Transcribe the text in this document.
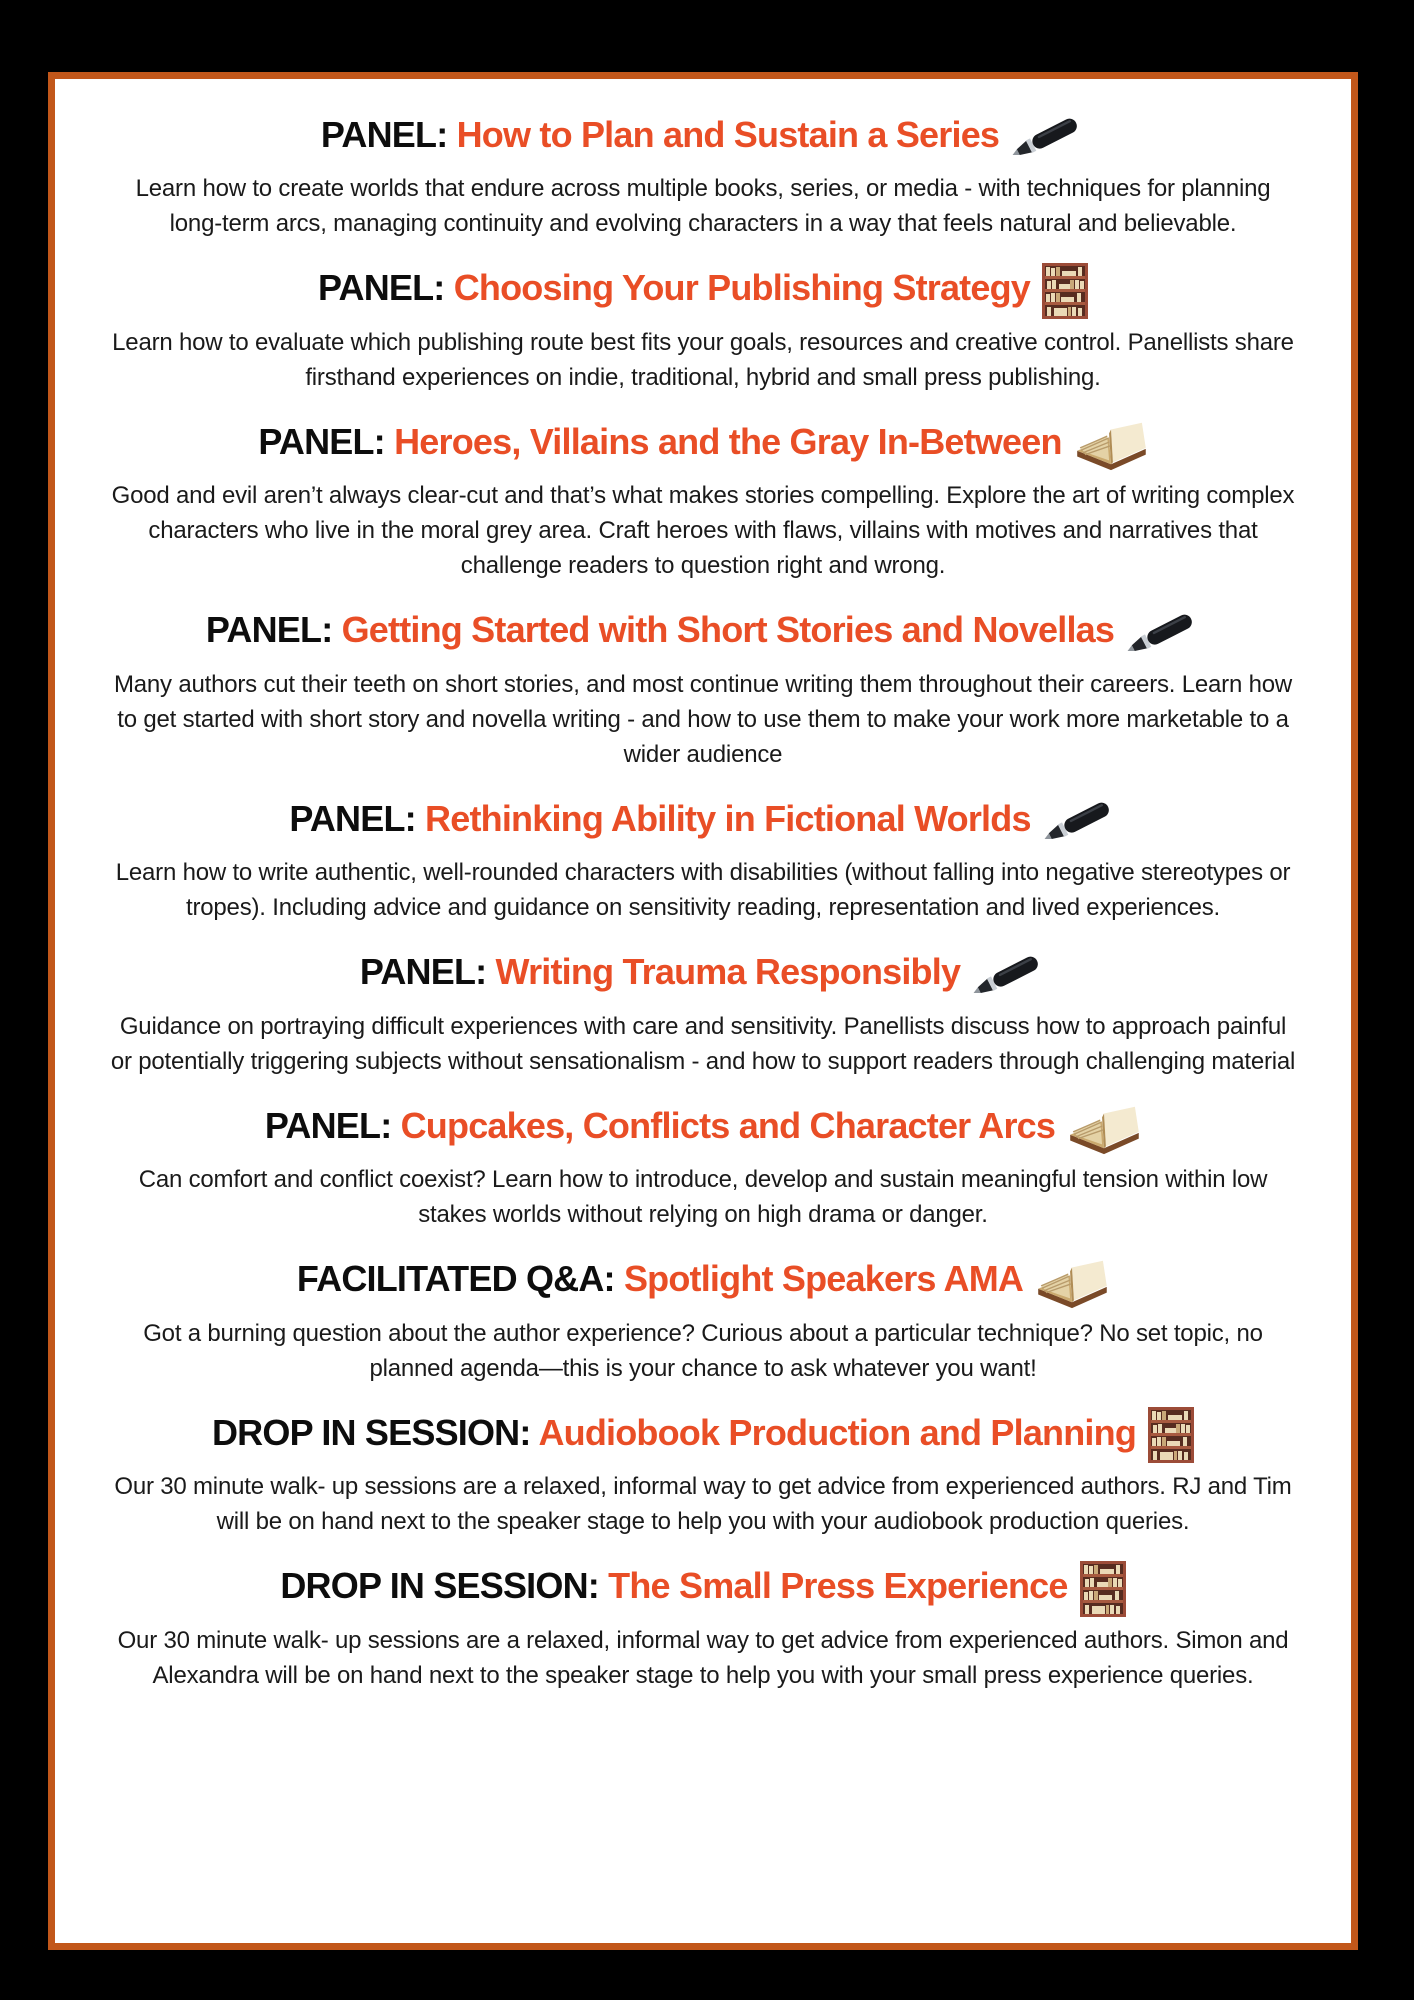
PANEL: How to Plan and Sustain a Series

Learn how to create worlds that endure across multiple books, series, or media - with techniques for planning long-term arcs, managing continuity and evolving characters in a way that feels natural and believable.

PANEL: Choosing Your Publishing Strategy

Learn how to evaluate which publishing route best fits your goals, resources and creative control. Panellists share firsthand experiences on indie, traditional, hybrid and small press publishing.

PANEL: Heroes, Villains and the Gray In-Between

Good and evil aren’t always clear-cut and that’s what makes stories compelling. Explore the art of writing complex characters who live in the moral grey area. Craft heroes with flaws, villains with motives and narratives that challenge readers to question right and wrong.

PANEL: Getting Started with Short Stories and Novellas

Many authors cut their teeth on short stories, and most continue writing them throughout their careers. Learn how to get started with short story and novella writing - and how to use them to make your work more marketable to a wider audience

PANEL: Rethinking Ability in Fictional Worlds

Learn how to write authentic, well-rounded characters with disabilities (without falling into negative stereotypes or tropes). Including advice and guidance on sensitivity reading, representation and lived experiences.

PANEL: Writing Trauma Responsibly

Guidance on portraying difficult experiences with care and sensitivity. Panellists discuss how to approach painful or potentially triggering subjects without sensationalism - and how to support readers through challenging material

PANEL: Cupcakes, Conflicts and Character Arcs

Can comfort and conflict coexist? Learn how to introduce, develop and sustain meaningful tension within low stakes worlds without relying on high drama or danger.

FACILITATED Q&A: Spotlight Speakers AMA

Got a burning question about the author experience? Curious about a particular technique? No set topic, no planned agenda—this is your chance to ask whatever you want!

DROP IN SESSION: Audiobook Production and Planning

Our 30 minute walk- up sessions are a relaxed, informal way to get advice from experienced authors. RJ and Tim will be on hand next to the speaker stage to help you with your audiobook production queries.

DROP IN SESSION: The Small Press Experience

Our 30 minute walk- up sessions are a relaxed, informal way to get advice from experienced authors. Simon and Alexandra will be on hand next to the speaker stage to help you with your small press experience queries.
